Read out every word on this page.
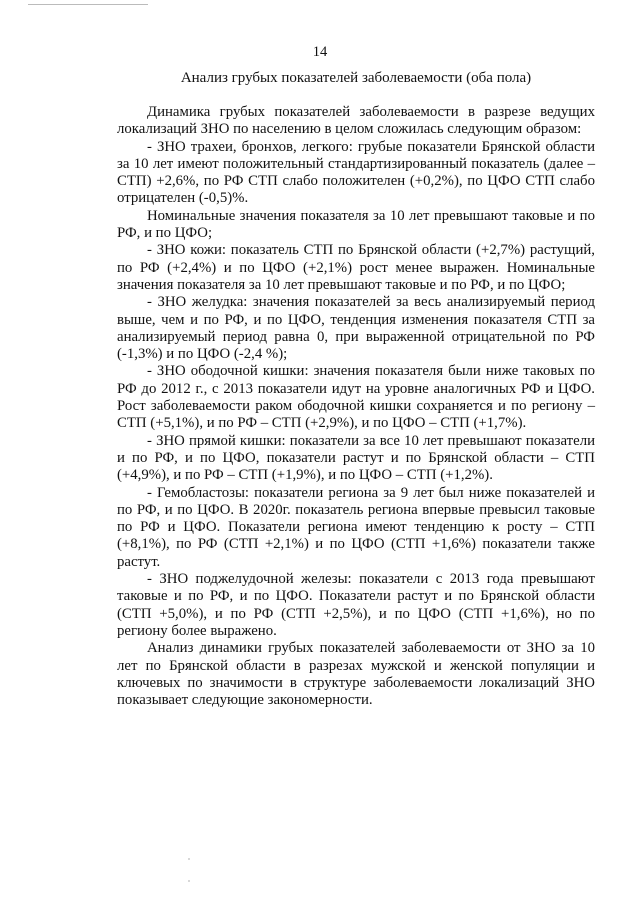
14
Анализ грубых показателей заболеваемости (оба пола)

Динамика грубых показателей заболеваемости в разрезе ведущих локализаций ЗНО по населению в целом сложилась следующим образом:

- ЗНО трахеи, бронхов, легкого: грубые показатели Брянской области за 10 лет имеют положительный стандартизированный показатель (далее – СТП) +2,6%, по РФ СТП слабо положителен (+0,2%), по ЦФО СТП слабо отрицателен (-0,5)%.

Номинальные значения показателя за 10 лет превышают таковые и по РФ, и по ЦФО;

- ЗНО кожи: показатель СТП по Брянской области (+2,7%) растущий, по РФ (+2,4%) и по ЦФО (+2,1%) рост менее выражен. Номинальные значения показателя за 10 лет превышают таковые и по РФ, и по ЦФО;

- ЗНО желудка: значения показателей за весь анализируемый период выше, чем и по РФ, и по ЦФО, тенденция изменения показателя СТП за анализируемый период равна 0, при выраженной отрицательной по РФ (-1,3%) и по ЦФО (-2,4 %);

- ЗНО ободочной кишки: значения показателя были ниже таковых по РФ до 2012 г., с 2013 показатели идут на уровне аналогичных РФ и ЦФО. Рост заболеваемости раком ободочной кишки сохраняется и по региону – СТП (+5,1%), и по РФ – СТП (+2,9%), и по ЦФО – СТП (+1,7%).

- ЗНО прямой кишки: показатели за все 10 лет превышают показатели и по РФ, и по ЦФО, показатели растут и по Брянской области – СТП (+4,9%), и по РФ – СТП (+1,9%), и по ЦФО – СТП (+1,2%).

- Гемобластозы: показатели региона за 9 лет был ниже показателей и по РФ, и по ЦФО. В 2020г. показатель региона впервые превысил таковые по РФ и ЦФО. Показатели региона имеют тенденцию к росту – СТП (+8,1%), по РФ (СТП +2,1%) и по ЦФО (СТП +1,6%) показатели также растут.

- ЗНО поджелудочной железы: показатели с 2013 года превышают таковые и по РФ, и по ЦФО. Показатели растут и по Брянской области (СТП +5,0%), и по РФ (СТП +2,5%), и по ЦФО (СТП +1,6%), но по региону более выражено.

Анализ динамики грубых показателей заболеваемости от ЗНО за 10 лет по Брянской области в разрезах мужской и женской популяции и ключевых по значимости в структуре заболеваемости локализаций ЗНО показывает следующие закономерности.
